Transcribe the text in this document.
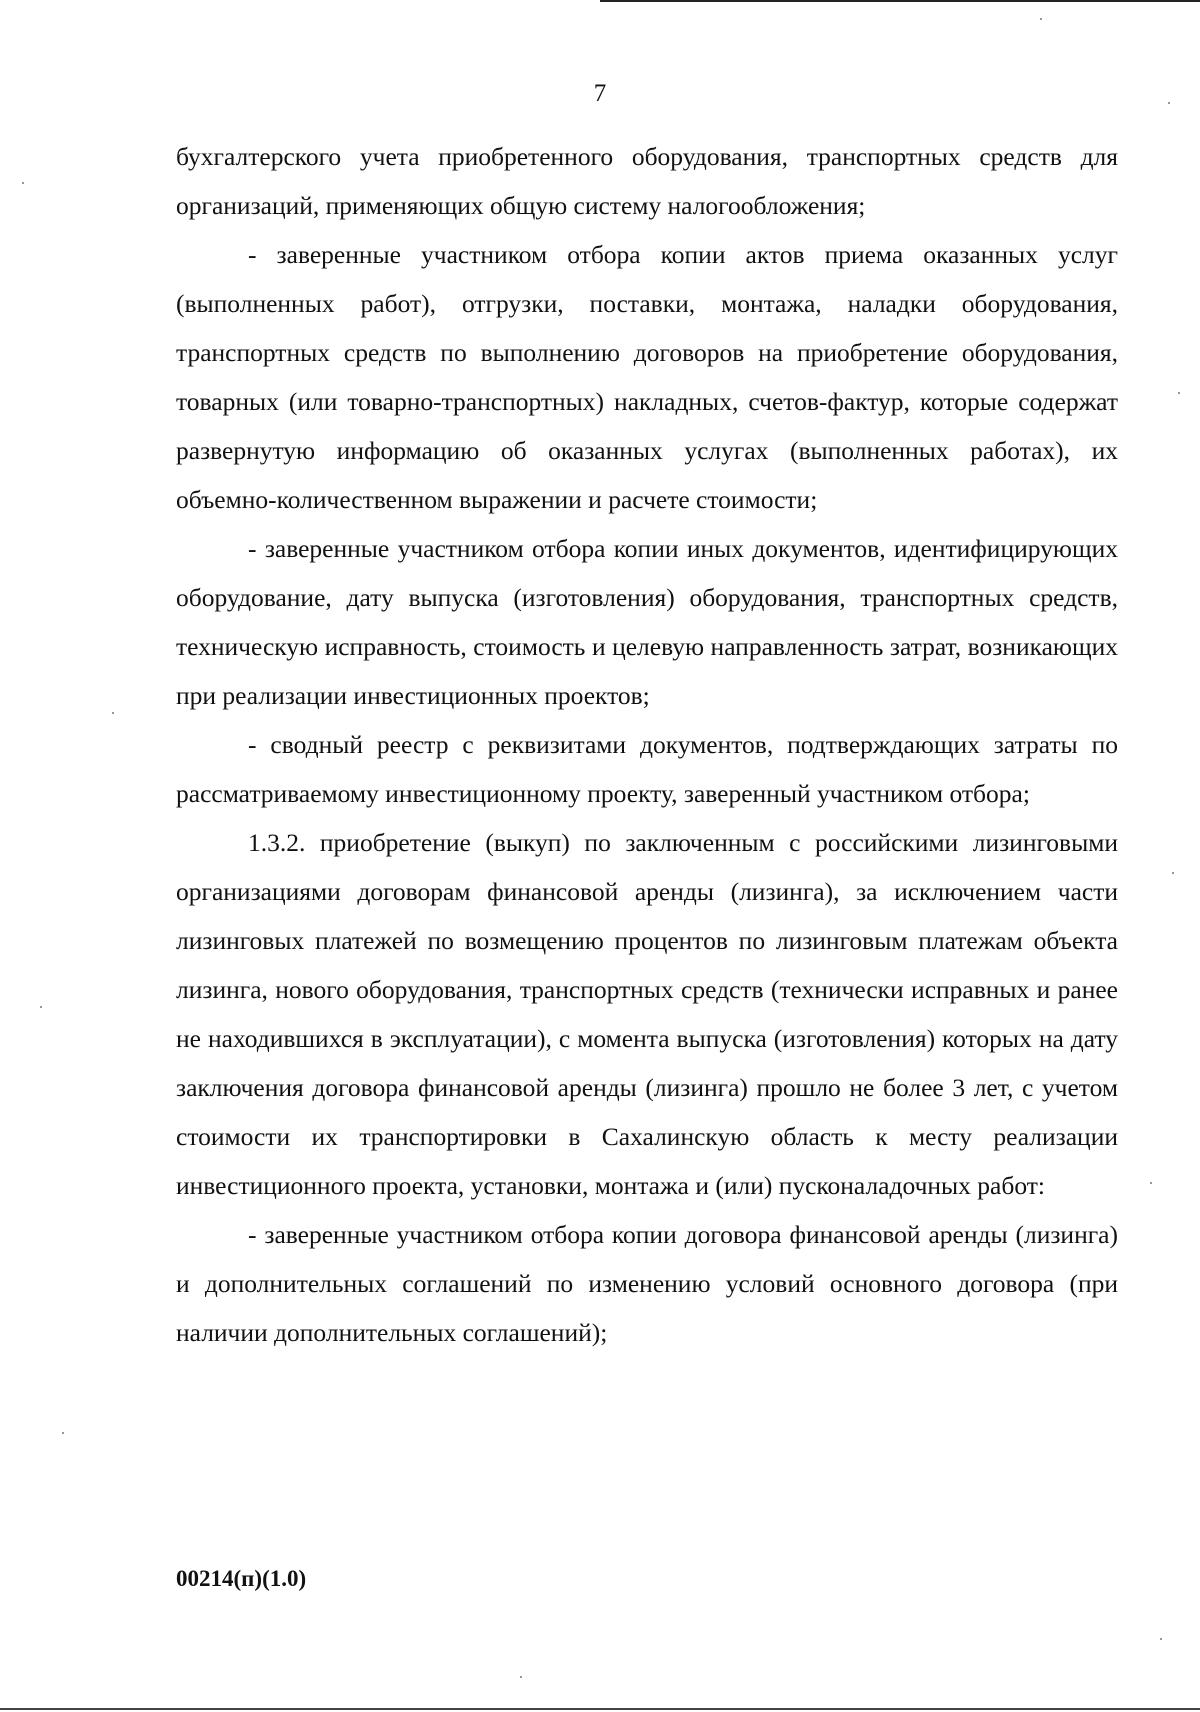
7

бухгалтерского учета приобретенного оборудования, транспортных средств для организаций, применяющих общую систему налогообложения;

- заверенные участником отбора копии актов приема оказанных услуг (выполненных работ), отгрузки, поставки, монтажа, наладки оборудования, транспортных средств по выполнению договоров на приобретение оборудования, товарных (или товарно-транспортных) накладных, счетов-фактур, которые содержат развернутую информацию об оказанных услугах (выполненных работах), их объемно-количественном выражении и расчете стоимости;

- заверенные участником отбора копии иных документов, идентифицирующих оборудование, дату выпуска (изготовления) оборудования, транспортных средств, техническую исправность, стоимость и целевую направленность затрат, возникающих при реализации инвестиционных проектов;

- сводный реестр с реквизитами документов, подтверждающих затраты по рассматриваемому инвестиционному проекту, заверенный участником отбора;

1.3.2. приобретение (выкуп) по заключенным с российскими лизинговыми организациями договорам финансовой аренды (лизинга), за исключением части лизинговых платежей по возмещению процентов по лизинговым платежам объекта лизинга, нового оборудования, транспортных средств (технически исправных и ранее не находившихся в эксплуатации), с момента выпуска (изготовления) которых на дату заключения договора финансовой аренды (лизинга) прошло не более 3 лет, с учетом стоимости их транспортировки в Сахалинскую область к месту реализации инвестиционного проекта, установки, монтажа и (или) пусконаладочных работ:

- заверенные участником отбора копии договора финансовой аренды (лизинга) и дополнительных соглашений по изменению условий основного договора (при наличии дополнительных соглашений);

00214(п)(1.0)
